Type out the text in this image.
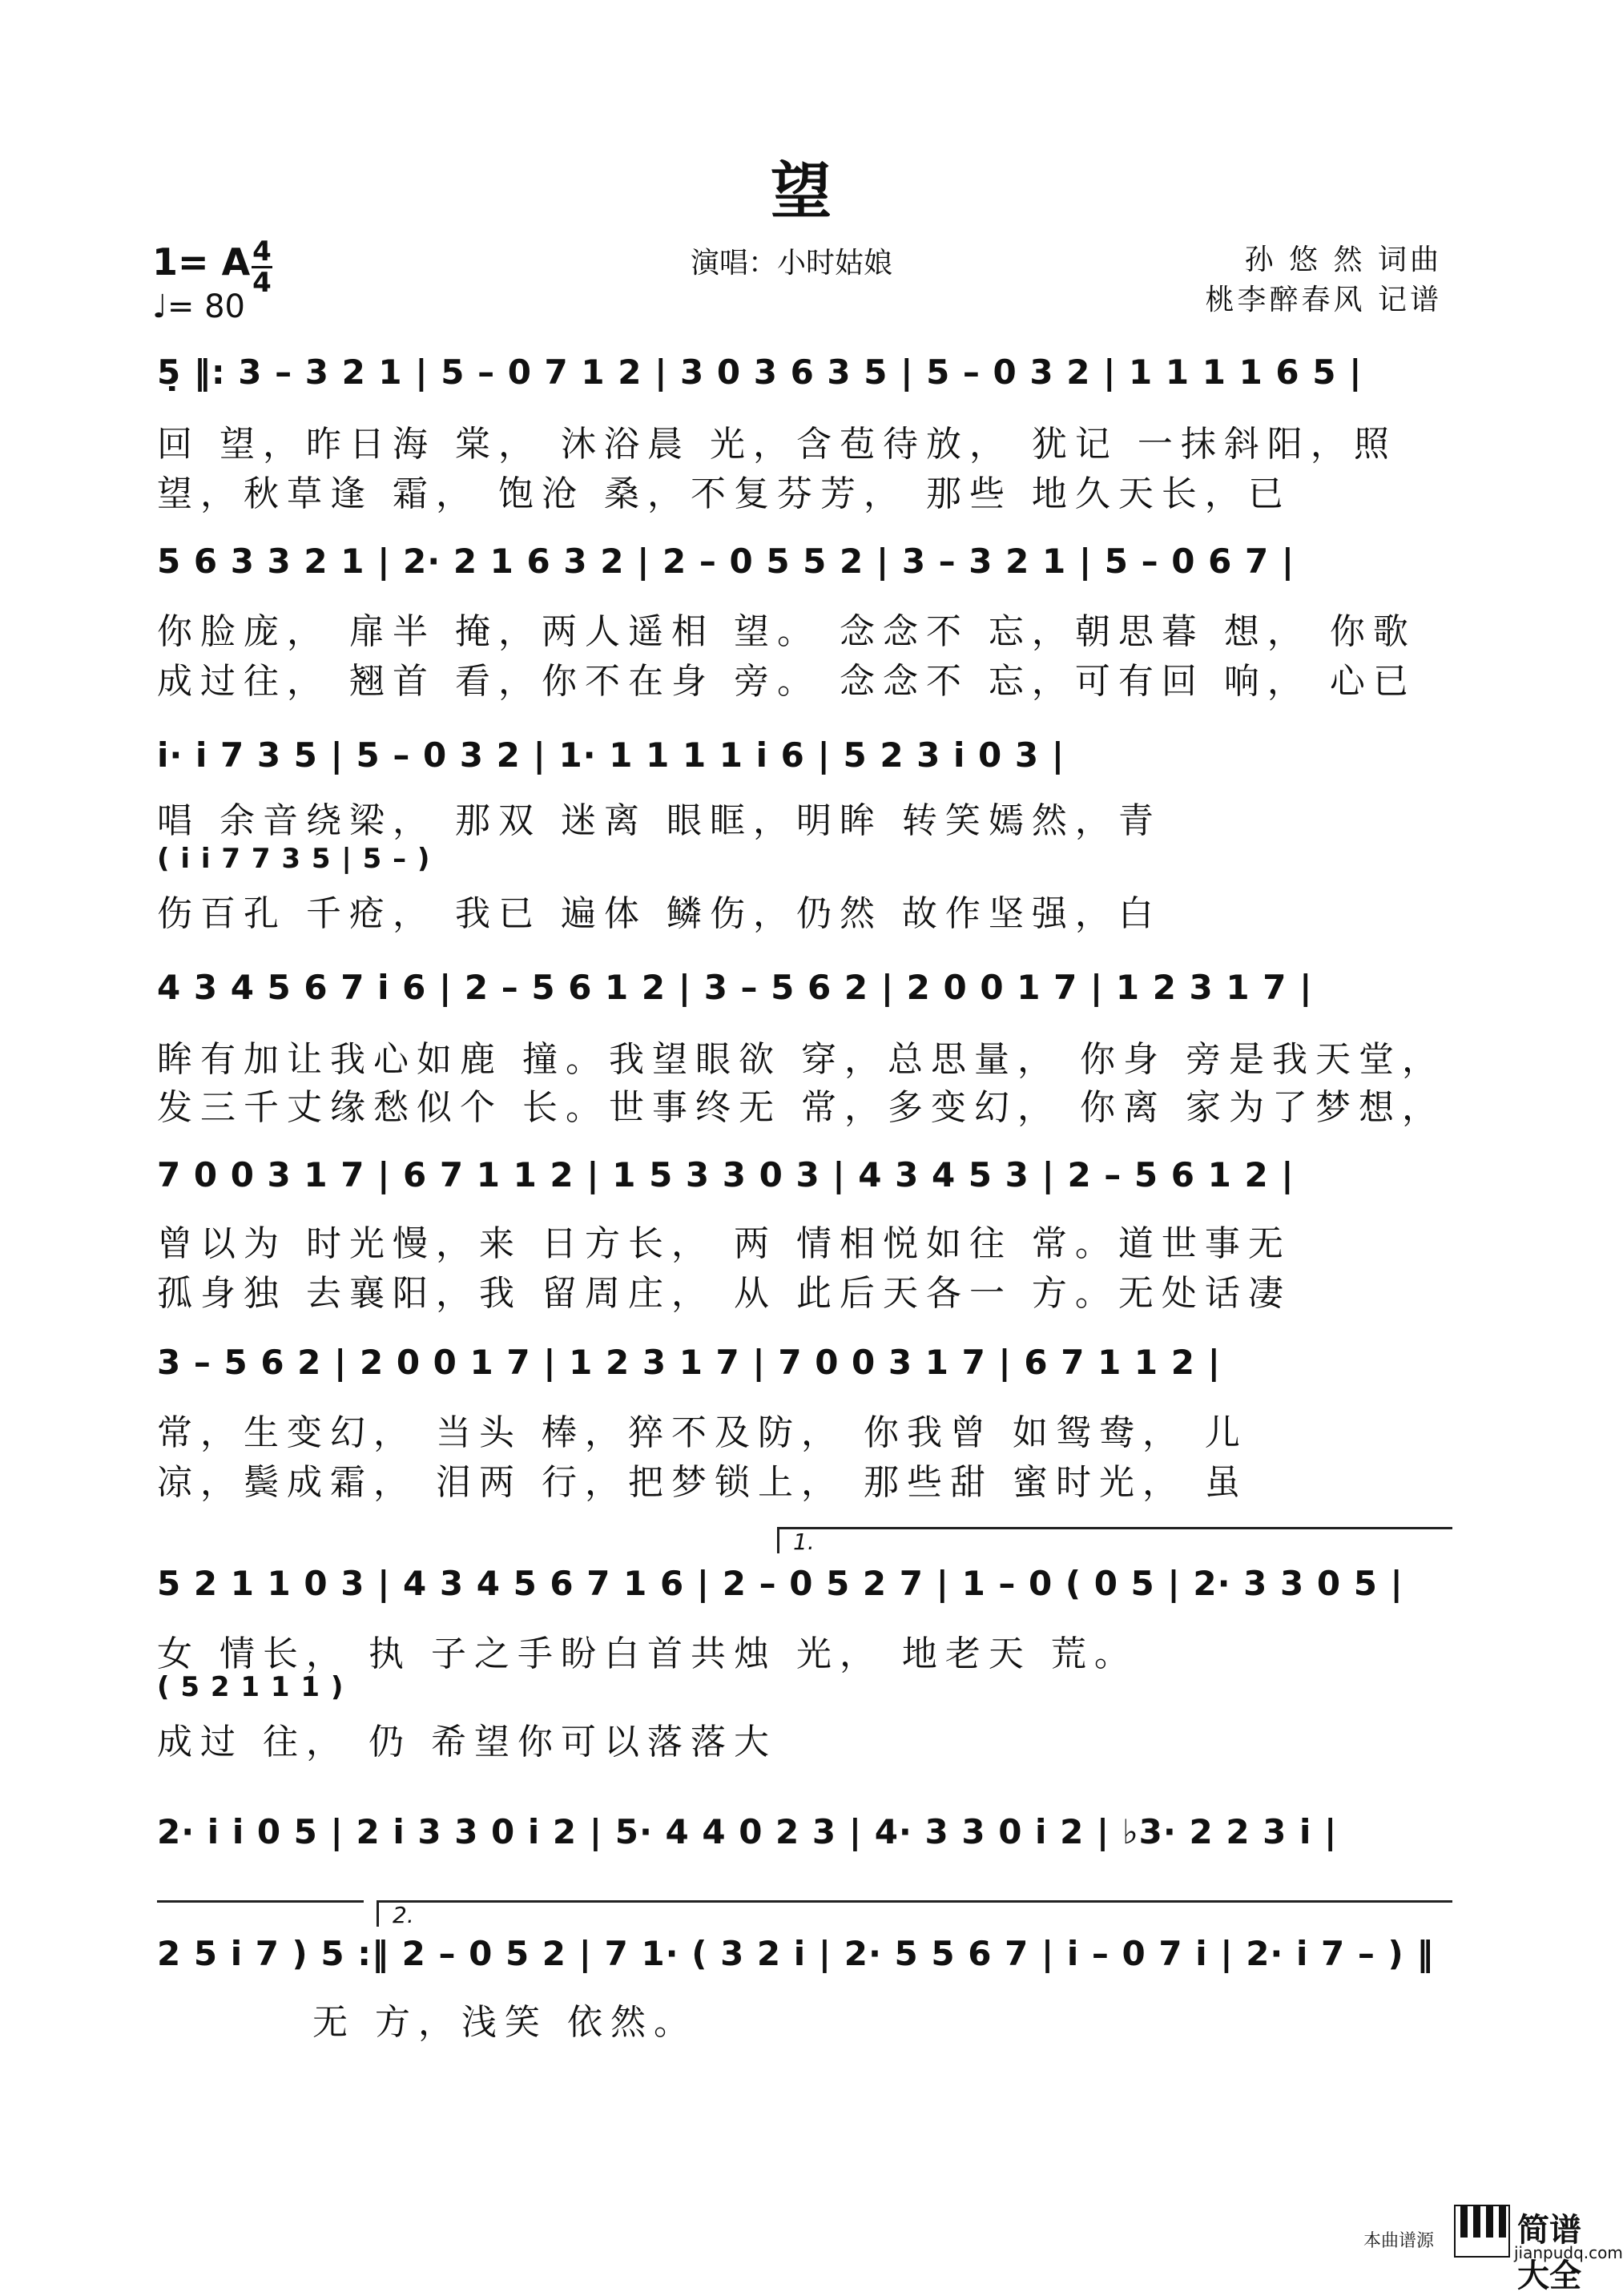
望
1= A 4
4
♩= 80
演唱：小时姑娘	孙 悠 然 词曲
桃李醉春风 记谱
5̣ ‖: 3 – 3 2 1 | 5 – 0 7 1 2 | 3 0 3 6 3 5 | 5 – 0 3 2 | 1 1 1 1 6 5 |
回 望，昨日海 棠， 沐浴晨 光，含苞待放， 犹记 一抹斜阳，照
望，秋草逢 霜， 饱沧 桑，不复芬芳， 那些 地久天长，已
5 6 3 3 2 1 | 2· 2 1 6 3 2 | 2 – 0 5 5 2 | 3 – 3 2 1 | 5 – 0 6 7 |
你脸庞， 扉半 掩，两人遥相 望。 念念不 忘，朝思暮 想， 你歌
成过往， 翘首 看，你不在身 旁。 念念不 忘，可有回 响， 心已
i· i 7 3 5 | 5 – 0 3 2 | 1· 1 1 1 1 i 6 | 5 2 3 i 0 3 |
唱 余音绕梁， 那双 迷离 眼眶，明眸 转笑嫣然，青
( i i 7 7 3 5 | 5 – )
伤百孔 千疮， 我已 遍体 鳞伤，仍然 故作坚强，白
4 3 4 5 6 7 i 6 | 2 – 5 6 1 2 | 3 – 5 6 2 | 2 0 0 1 7 | 1 2 3 1 7 |
眸有加让我心如鹿 撞。我望眼欲 穿，总思量， 你身 旁是我天堂，
发三千丈缘愁似个 长。世事终无 常，多变幻， 你离 家为了梦想，
7 0 0 3 1 7 | 6 7 1 1 2 | 1 5 3 3 0 3 | 4 3 4 5 3 | 2 – 5 6 1 2 |
曾以为 时光慢，来 日方长， 两 情相悦如往 常。道世事无
孤身独 去襄阳，我 留周庄， 从 此后天各一 方。无处话凄
3 – 5 6 2 | 2 0 0 1 7 | 1 2 3 1 7 | 7 0 0 3 1 7 | 6 7 1 1 2 |
常，生变幻， 当头 棒，猝不及防， 你我曾 如鸳鸯， 儿
凉，鬓成霜， 泪两 行，把梦锁上， 那些甜 蜜时光， 虽
1.
5 2 1 1 0 3 | 4 3 4 5 6 7 1 6 | 2 – 0 5 2 7 | 1 – 0 ( 0 5 | 2· 3 3 0 5 |
女 情长， 执 子之手盼白首共烛 光， 地老天 荒。
( 5 2 1 1 1 )
成过 往， 仍 希望你可以落落大
2· i i 0 5 | 2 i 3 3 0 i 2 | 5· 4 4 0 2 3 | 4· 3 3 0 i 2 | ♭3· 2 2 3 i |
2.
2 5 i 7 ) 5 :‖ 2 – 0 5 2 | 7 1· ( 3 2 i | 2· 5 5 6 7 | i – 0 7 i | 2· i 7 – ) ‖
无 方，浅笑 依然。
本曲谱源	简谱大全
jianpudq.com
